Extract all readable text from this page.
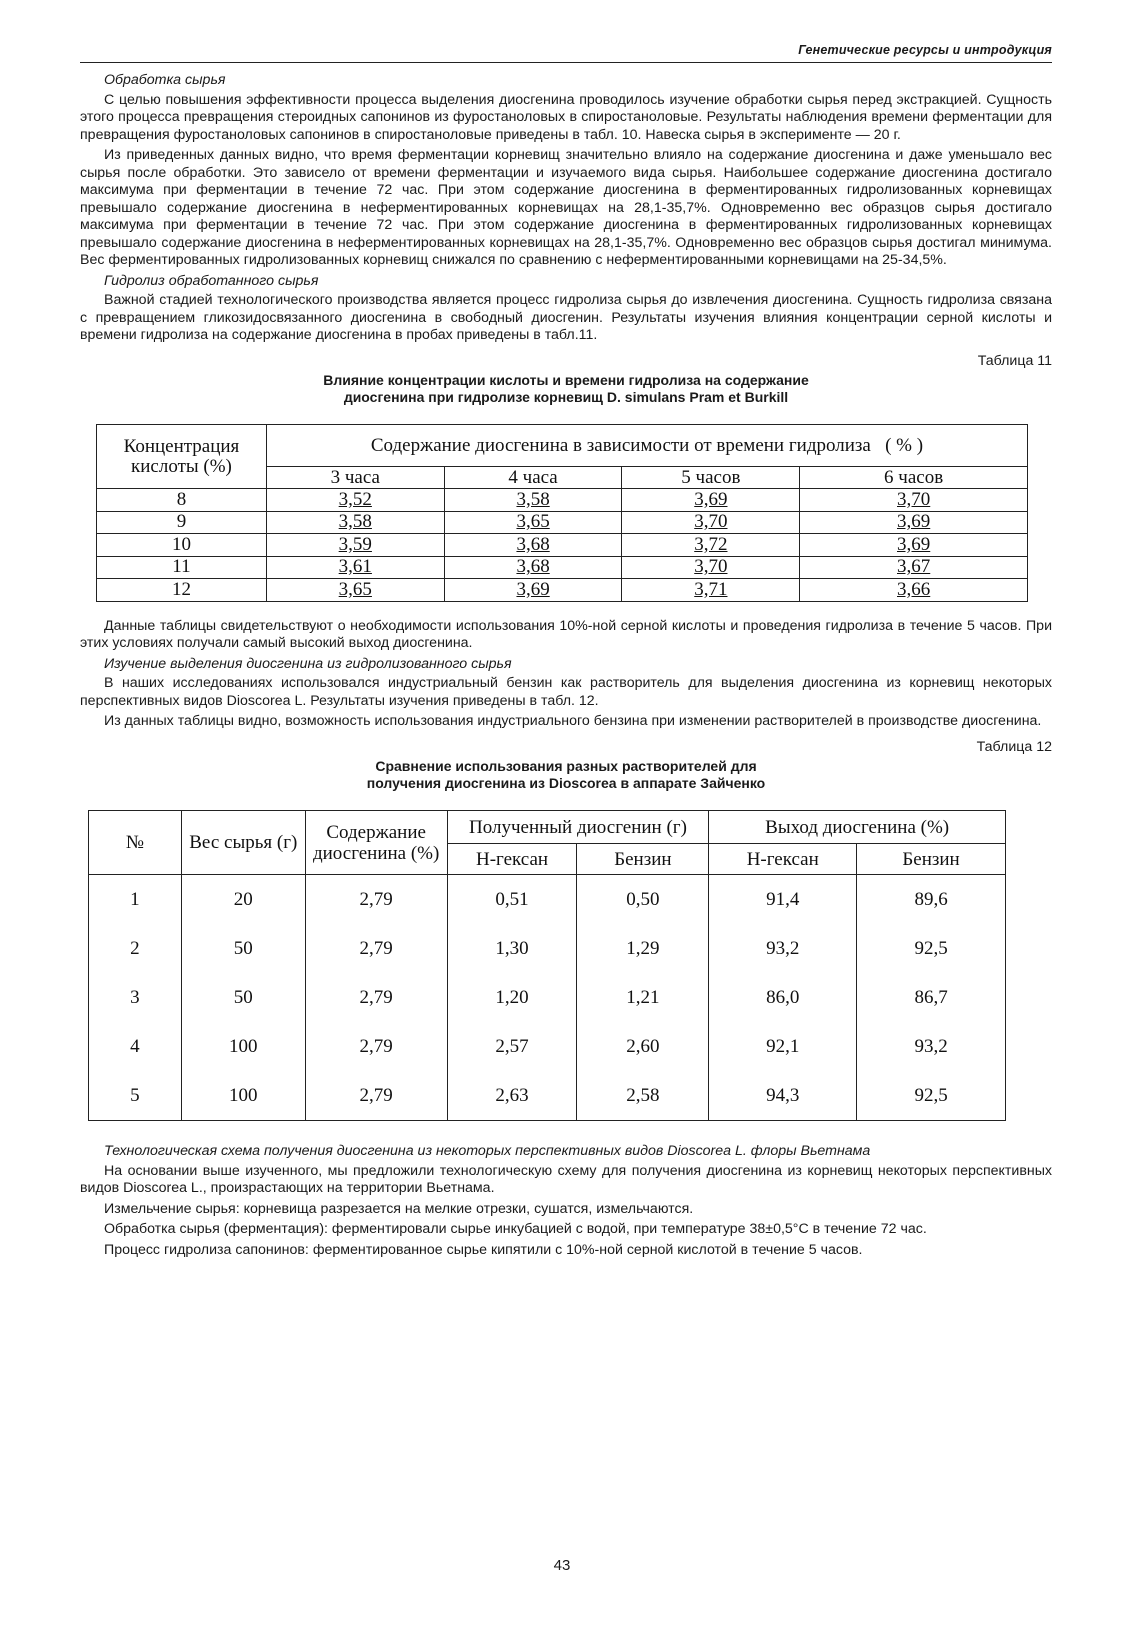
Генетические ресурсы и интродукция
Обработка сырья

С целью повышения эффективности процесса выделения диосгенина проводилось изучение обработки сырья перед экстракцией. Сущность этого процесса превращения стероидных сапонинов из фуростаноловых в спиростаноловые. Результаты наблюдения времени ферментации для превращения фуростаноловых сапонинов в спиростаноловые приведены в табл. 10. Навеска сырья в эксперименте — 20 г.

Из приведенных данных видно, что время ферментации корневищ значительно влияло на содержание диосгенина и даже уменьшало вес сырья после обработки. Это зависело от времени ферментации и изучаемого вида сырья. Наибольшее содержание диосгенина достигало максимума при ферментации в течение 72 час. При этом содержание диосгенина в ферментированных гидролизованных корневищах превышало содержание диосгенина в неферментированных корневищах на 28,1-35,7%. Одновременно вес образцов сырья достигало максимума при ферментации в течение 72 час. При этом содержание диосгенина в ферментированных гидролизованных корневищах превышало содержание диосгенина в неферментированных корневищах на 28,1-35,7%. Одновременно вес образцов сырья достигал минимума. Вес ферментированных гидролизованных корневищ снижался по сравнению с неферментированными корневищами на 25-34,5%.

Гидролиз обработанного сырья

Важной стадией технологического производства является процесс гидролиза сырья до извлечения диосгенина. Сущность гидролиза связана с превращением гликозидосвязанного диосгенина в свободный диосгенин. Результаты изучения влияния концентрации серной кислоты и времени гидролиза на содержание диосгенина в пробах приведены в табл.11.

Таблица 11
Влияние концентрации кислоты и времени гидролиза на содержание
диосгенина при гидролизе корневищ D. simulans Pram et Burkill
Концентрация
кислоты (%)	Содержание диосгенина в зависимости от времени гидролиза ( % )			
	3 часа	4 часа	5 часов	6 часов
8	3,52	3,58	3,69	3,70
9	3,58	3,65	3,70	3,69
10	3,59	3,68	3,72	3,69
11	3,61	3,68	3,70	3,67
12	3,65	3,69	3,71	3,66

Данные таблицы свидетельствуют о необходимости использования 10%-ной серной кислоты и проведения гидролиза в течение 5 часов. При этих условиях получали самый высокий выход диосгенина.

Изучение выделения диосгенина из гидролизованного сырья

В наших исследованиях использовался индустриальный бензин как растворитель для выделения диосгенина из корневищ некоторых перспективных видов Dioscorea L. Результаты изучения приведены в табл. 12.

Из данных таблицы видно, возможность использования индустриального бензина при изменении растворителей в производстве диосгенина.

Таблица 12
Сравнение использования разных растворителей для
получения диосгенина из Dioscorea в аппарате Зайченко
№	Вес сырья (г)	Содержание диосгенина (%)	Полученный диосгенин (г)		Выход диосгенина (%)	
			Н-гексан	Бензин	Н-гексан	Бензин
1	20	2,79	0,51	0,50	91,4	89,6
2	50	2,79	1,30	1,29	93,2	92,5
3	50	2,79	1,20	1,21	86,0	86,7
4	100	2,79	2,57	2,60	92,1	93,2
5	100	2,79	2,63	2,58	94,3	92,5
Технологическая схема получения диосгенина из некоторых перспективных видов Dioscorea L. флоры Вьетнама

На основании выше изученного, мы предложили технологическую схему для получения диосгенина из корневищ некоторых перспективных видов Dioscorea L., произрастающих на территории Вьетнама.

Измельчение сырья: корневища разрезается на мелкие отрезки, сушатся, измельчаются.

Обработка сырья (ферментация): ферментировали сырье инкубацией с водой, при температуре 38±0,5°С в течение 72 час.

Процесс гидролиза сапонинов: ферментированное сырье кипятили с 10%-ной серной кислотой в течение 5 часов.

43
